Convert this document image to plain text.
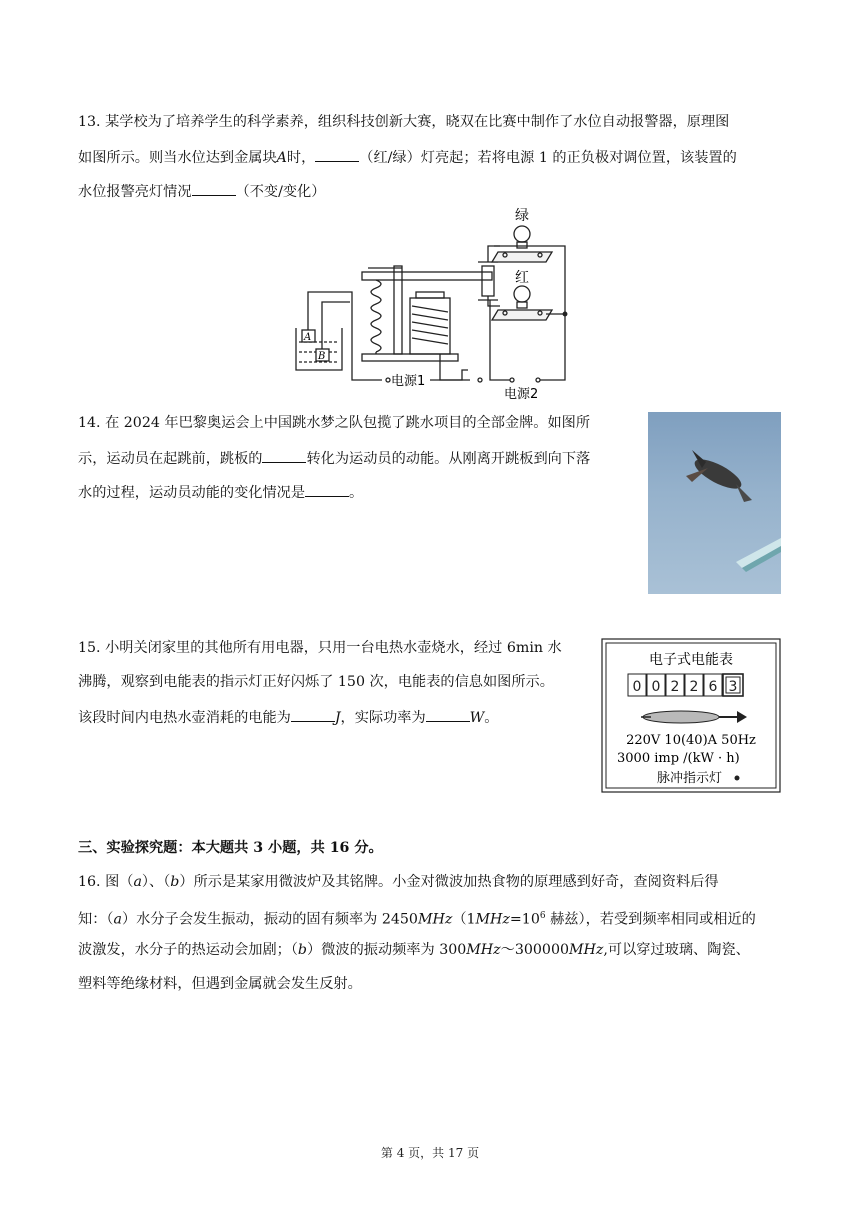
13. 某学校为了培养学生的科学素养，组织科技创新大赛，晓双在比赛中制作了水位自动报警器，原理图
如图所示。则当水位达到金属块A时，	（红/绿）灯亮起；若将电源 1 的正负极对调位置，该装置的
水位报警亮灯情况	（不变/变化）
绿
红
A
B
电源1
电源2
14. 在 2024 年巴黎奥运会上中国跳水梦之队包揽了跳水项目的全部金牌。如图所
示，运动员在起跳前，跳板的	转化为运动员的动能。从刚离开跳板到向下落
水的过程，运动员动能的变化情况是	。
15. 小明关闭家里的其他所有用电器，只用一台电热水壶烧水，经过 6min 水
沸腾，观察到电能表的指示灯正好闪烁了 150 次，电能表的信息如图所示。
该段时间内电热水壶消耗的电能为	J，实际功率为	W。
电子式电能表
0 0 2 2 6 3
220V 10(40)A 50Hz
3000 imp /(kW · h)
脉冲指示灯
三、实验探究题：本大题共 3 小题，共 16 分。
16. 图（a）、（b）所示是某家用微波炉及其铭牌。小金对微波加热食物的原理感到好奇，查阅资料后得
知：（a）水分子会发生振动，振动的固有频率为 $2450MHz(1MHz=10^6$ 赫兹），若受到频率相同或相近的
波激发，水分子的热运动会加剧；（b）微波的振动频率为 300MHz～300000MHz,可以穿过玻璃、陶瓷、
塑料等绝缘材料，但遇到金属就会发生反射。
第 4 页，共 17 页
